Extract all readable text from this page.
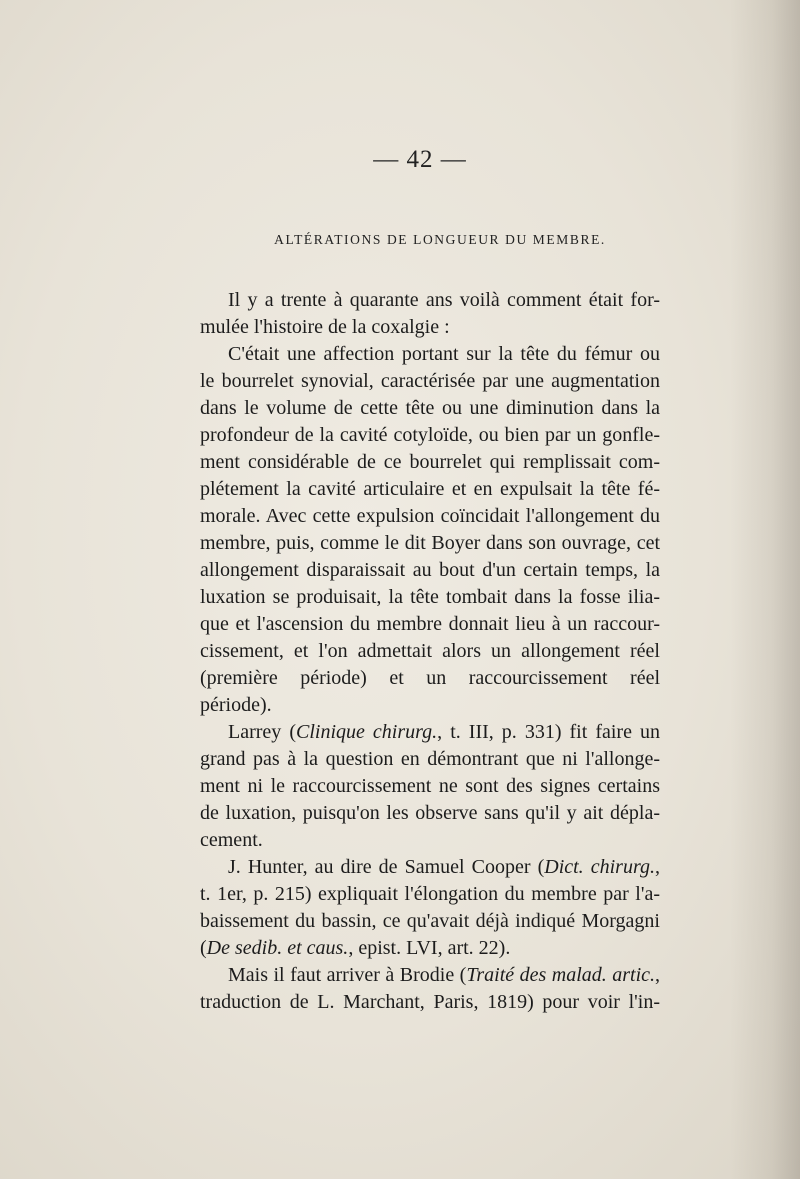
— 42 —
ALTÉRATIONS DE LONGUEUR DU MEMBRE.
Il y a trente à quarante ans voilà comment était for-
mulée l'histoire de la coxalgie :
C'était une affection portant sur la tête du fémur ou
le bourrelet synovial, caractérisée par une augmentation
dans le volume de cette tête ou une diminution dans la
profondeur de la cavité cotyloïde, ou bien par un gonfle-
ment considérable de ce bourrelet qui remplissait com-
plétement la cavité articulaire et en expulsait la tête fé-
morale. Avec cette expulsion coïncidait l'allongement du
membre, puis, comme le dit Boyer dans son ouvrage, cet
allongement disparaissait au bout d'un certain temps, la
luxation se produisait, la tête tombait dans la fosse ilia-
que et l'ascension du membre donnait lieu à un raccour-
cissement, et l'on admettait alors un allongement réel
(première période) et un raccourcissement réel
période).
Larrey (Clinique chirurg., t. III, p. 331) fit faire un
grand pas à la question en démontrant que ni l'allonge-
ment ni le raccourcissement ne sont des signes certains
de luxation, puisqu'on les observe sans qu'il y ait dépla-
cement.
J. Hunter, au dire de Samuel Cooper (Dict. chirurg.,
t. 1er, p. 215) expliquait l'élongation du membre par l'a-
baissement du bassin, ce qu'avait déjà indiqué Morgagni
(De sedib. et caus., epist. LVI, art. 22).
Mais il faut arriver à Brodie (Traité des malad. artic.,
traduction de L. Marchant, Paris, 1819) pour voir l'in-
